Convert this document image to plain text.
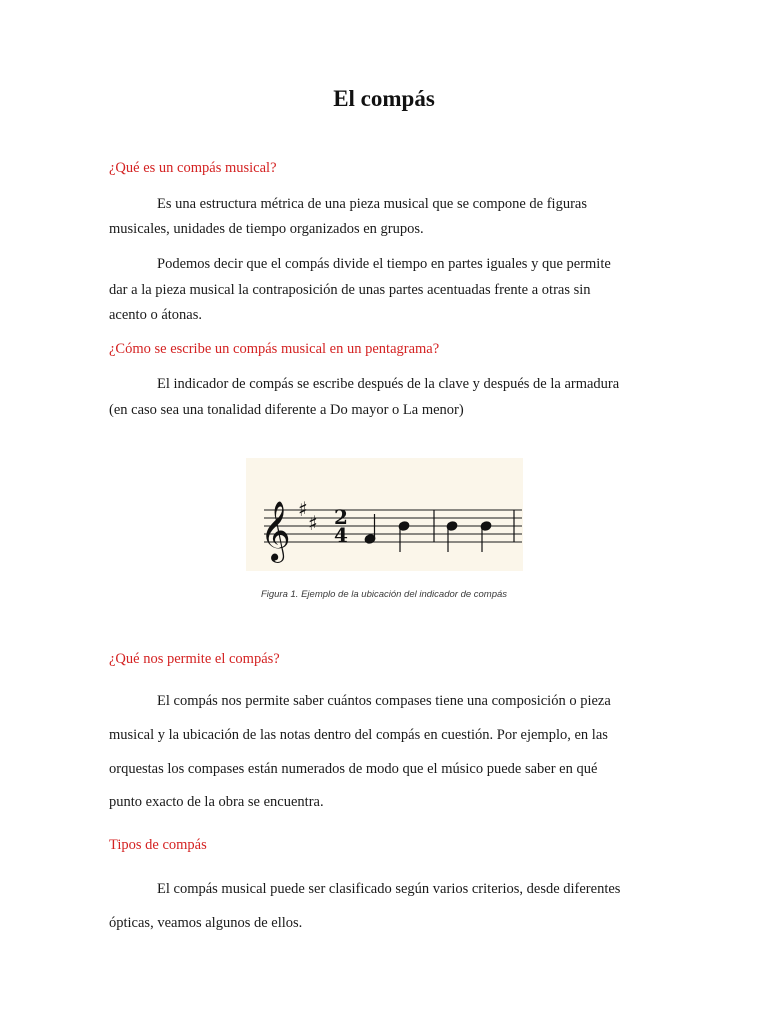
El compás
¿Qué es un compás musical?
Es una estructura métrica de una pieza musical que se compone de figuras
musicales, unidades de tiempo organizados en grupos.
Podemos decir que el compás divide el tiempo en partes iguales y que permite
dar a la pieza musical la contraposición de unas partes acentuadas frente a otras sin
acento o átonas.
¿Cómo se escribe un compás musical en un pentagrama?
El indicador de compás se escribe después de la clave y después de la armadura
(en caso sea una tonalidad diferente a Do mayor o La menor)
𝄞 ♯
♯ 2
4
Figura 1. Ejemplo de la ubicación del indicador de compás
¿Qué nos permite el compás?
El compás nos permite saber cuántos compases tiene una composición o pieza
musical y la ubicación de las notas dentro del compás en cuestión. Por ejemplo, en las
orquestas los compases están numerados de modo que el músico puede saber en qué
punto exacto de la obra se encuentra.
Tipos de compás
El compás musical puede ser clasificado según varios criterios, desde diferentes
ópticas, veamos algunos de ellos.
